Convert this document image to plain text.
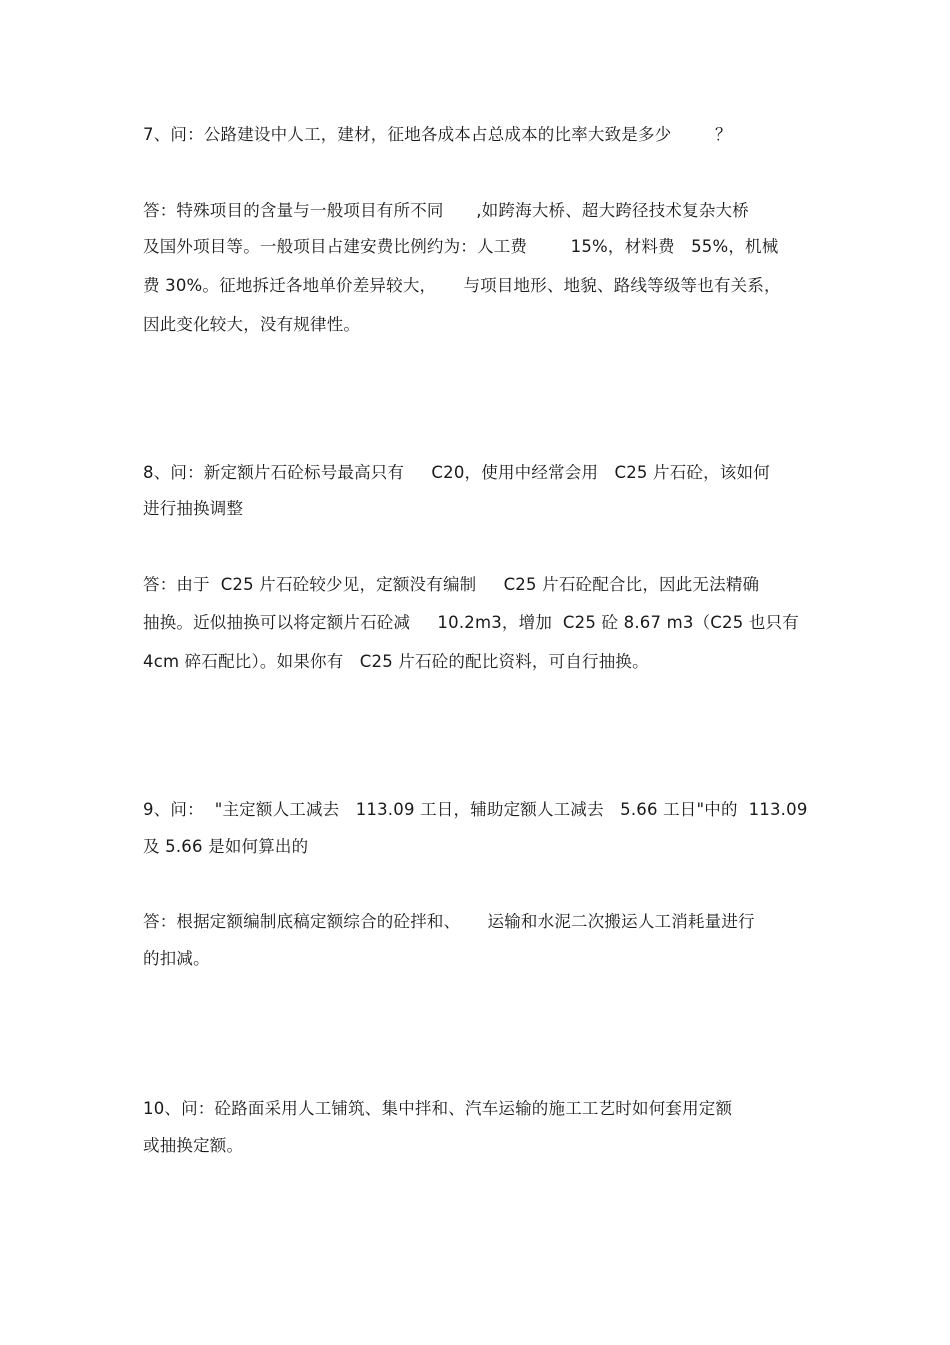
7、问：公路建设中人工，建材，征地各成本占总成本的比率大致是多少        ？
答：特殊项目的含量与一般项目有所不同      ,如跨海大桥、超大跨径技术复杂大桥
及国外项目等。一般项目占建安费比例约为：人工费        15%，材料费   55%，机械
费 30%。征地拆迁各地单价差异较大，     与项目地形、地貌、路线等级等也有关系，
因此变化较大，没有规律性。
8、问：新定额片石砼标号最高只有     C20，使用中经常会用   C25 片石砼，该如何
进行抽换调整
答：由于  C25 片石砼较少见，定额没有编制     C25 片石砼配合比，因此无法精确
抽换。近似抽换可以将定额片石砼减     10.2m3，增加  C25 砼 8.67 m3（C25 也只有
4cm 碎石配比）。如果你有   C25 片石砼的配比资料，可自行抽换。
9、问：  "主定额人工减去   113.09 工日，辅助定额人工减去   5.66 工日"中的  113.09
及 5.66 是如何算出的
答：根据定额编制底稿定额综合的砼拌和、     运输和水泥二次搬运人工消耗量进行
的扣减。
10、问：砼路面采用人工铺筑、集中拌和、汽车运输的施工工艺时如何套用定额
或抽换定额。
